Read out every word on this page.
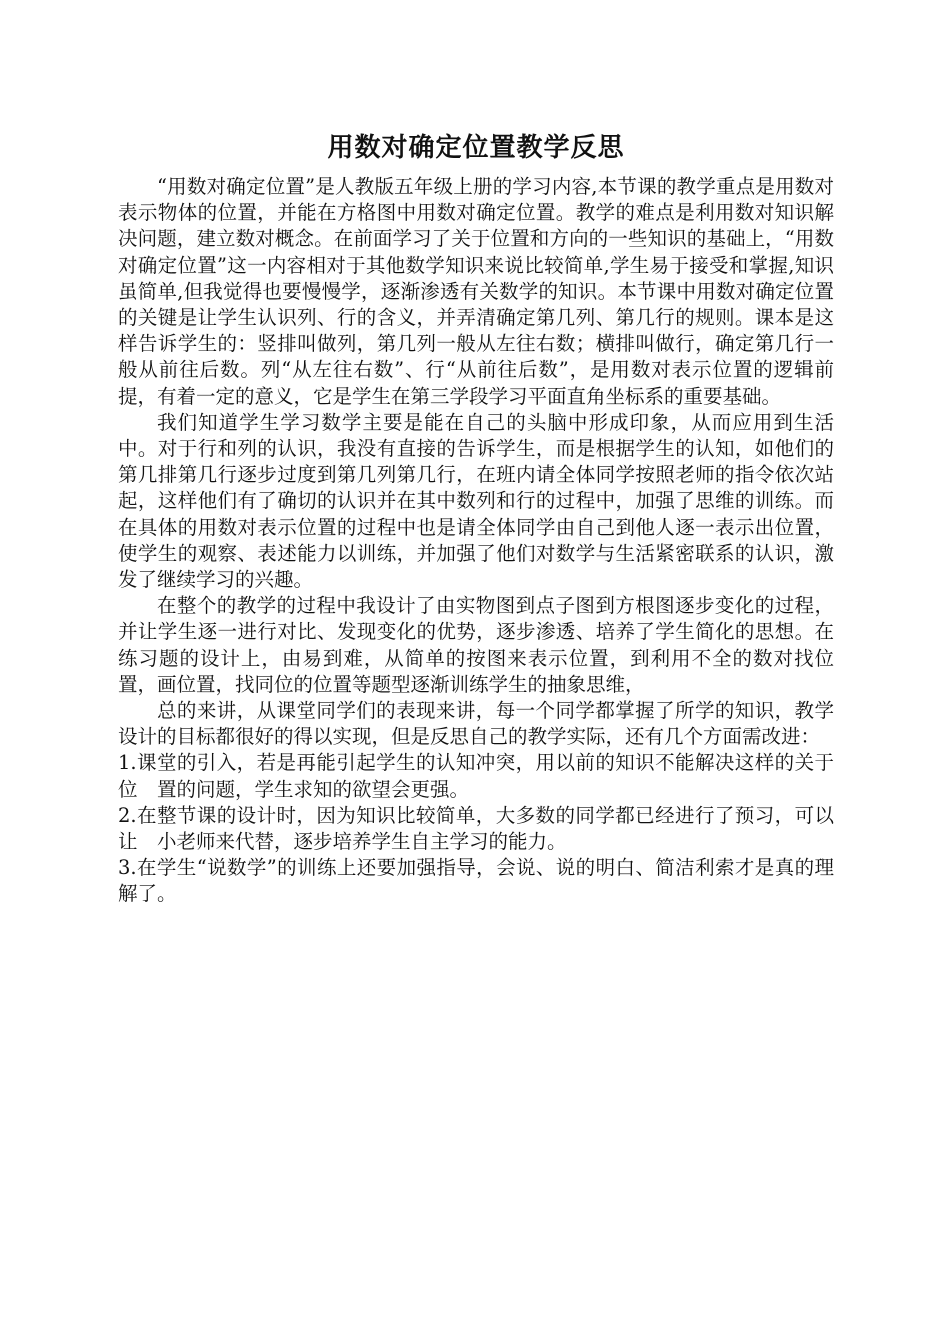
用数对确定位置教学反思

“用数对确定位置”是人教版五年级上册的学习内容,本节课的教学重点是用数对表示物体的位置，并能在方格图中用数对确定位置。教学的难点是利用数对知识解决问题，建立数对概念。在前面学习了关于位置和方向的一些知识的基础上，“用数对确定位置”这一内容相对于其他数学知识来说比较简单,学生易于接受和掌握,知识虽简单,但我觉得也要慢慢学，逐渐渗透有关数学的知识。本节课中用数对确定位置的关键是让学生认识列、行的含义，并弄清确定第几列、第几行的规则。课本是这样告诉学生的：竖排叫做列，第几列一般从左往右数；横排叫做行，确定第几行一般从前往后数。列“从左往右数”、行“从前往后数”，是用数对表示位置的逻辑前提，有着一定的意义，它是学生在第三学段学习平面直角坐标系的重要基础。

我们知道学生学习数学主要是能在自己的头脑中形成印象，从而应用到生活中。对于行和列的认识，我没有直接的告诉学生，而是根据学生的认知，如他们的第几排第几行逐步过度到第几列第几行，在班内请全体同学按照老师的指令依次站起，这样他们有了确切的认识并在其中数列和行的过程中，加强了思维的训练。而在具体的用数对表示位置的过程中也是请全体同学由自己到他人逐一表示出位置，使学生的观察、表述能力以训练，并加强了他们对数学与生活紧密联系的认识，激发了继续学习的兴趣。

在整个的教学的过程中我设计了由实物图到点子图到方根图逐步变化的过程，并让学生逐一进行对比、发现变化的优势，逐步渗透、培养了学生简化的思想。在练习题的设计上，由易到难，从简单的按图来表示位置，到利用不全的数对找位置，画位置，找同位的位置等题型逐渐训练学生的抽象思维，

总的来讲，从课堂同学们的表现来讲，每一个同学都掌握了所学的知识，教学设计的目标都很好的得以实现，但是反思自己的教学实际，还有几个方面需改进：

1.课堂的引入，若是再能引起学生的认知冲突，用以前的知识不能解决这样的关于位　置的问题，学生求知的欲望会更强。

2.在整节课的设计时，因为知识比较简单，大多数的同学都已经进行了预习，可以让　小老师来代替，逐步培养学生自主学习的能力。

3.在学生“说数学”的训练上还要加强指导，会说、说的明白、简洁利索才是真的理解了。
